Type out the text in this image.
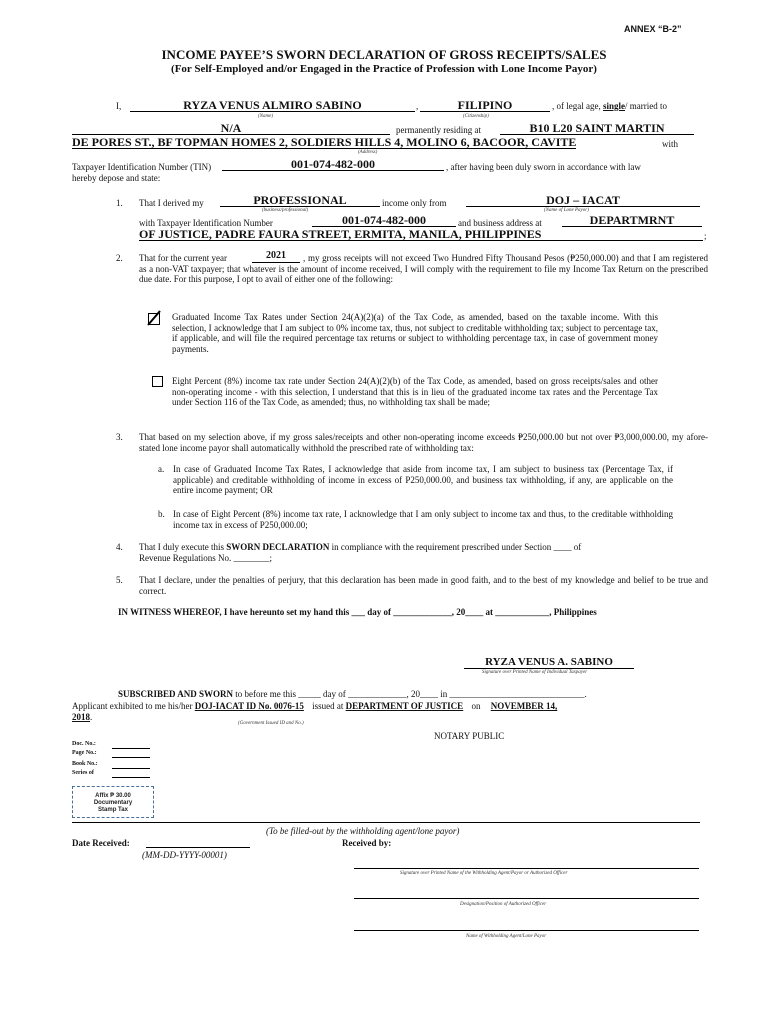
ANNEX “B-2”
INCOME PAYEE’S SWORN DECLARATION OF GROSS RECEIPTS/SALES
(For Self-Employed and/or Engaged in the Practice of Profession with Lone Income Payor)
I,	RYZA VENUS ALMIRO SABINO
(Name)
,	FILIPINO
(Citizenship)
, of legal age, single/ married to
N/A	permanently residing at	B10 L20 SAINT MARTIN
DE PORES ST., BF TOPMAN HOMES 2, SOLDIERS HILLS 4, MOLINO 6, BACOOR, CAVITE	with
(Address)
Taxpayer Identification Number (TIN)	001-074-482-000	, after having been duly sworn in accordance with law
hereby depose and state:
1. That I derived my	PROFESSIONAL
(business/professional)
income only from	DOJ – IACAT
(Name of Lone Payor)
with Taxpayer Identification Number	001-074-482-000	and business address at	DEPARTMRNT
OF JUSTICE, PADRE FAURA STREET, ERMITA, MANILA, PHILIPPINES	;
2. That for the current year	2021	, my gross receipts will not exceed Two Hundred Fifty Thousand Pesos (₱250,000.00) and that I am registered as a non-VAT taxpayer; that whatever is the amount of income received, I will comply with the requirement to file my Income Tax Return on the prescribed due date. For this purpose, I opt to avail of either one of the following:
Graduated Income Tax Rates under Section 24(A)(2)(a) of the Tax Code, as amended, based on the taxable income. With this selection, I acknowledge that I am subject to 0% income tax, thus, not subject to creditable withholding tax; subject to percentage tax, if applicable, and will file the required percentage tax returns or subject to withholding percentage tax, in case of government money payments.
Eight Percent (8%) income tax rate under Section 24(A)(2)(b) of the Tax Code, as amended, based on gross receipts/sales and other non-operating income - with this selection, I understand that this is in lieu of the graduated income tax rates and the Percentage Tax under Section 116 of the Tax Code, as amended; thus, no withholding tax shall be made;
3. That based on my selection above, if my gross sales/receipts and other non-operating income exceeds ₱250,000.00 but not over ₱3,000,000.00, my afore-stated lone income payor shall automatically withhold the prescribed rate of withholding tax:
a. In case of Graduated Income Tax Rates, I acknowledge that aside from income tax, I am subject to business tax (Percentage Tax, if applicable) and creditable withholding of income in excess of P250,000.00, and business tax withholding, if any, are applicable on the entire income payment; OR
b. In case of Eight Percent (8%) income tax rate, I acknowledge that I am only subject to income tax and thus, to the creditable withholding income tax in excess of P250,000.00;
4. That I duly execute this SWORN DECLARATION in compliance with the requirement prescribed under Section ____ of
Revenue Regulations No. ________;
5. That I declare, under the penalties of perjury, that this declaration has been made in good faith, and to the best of my knowledge and belief to be true and correct.
IN WITNESS WHEREOF, I have hereunto set my hand this ___ day of _____________, 20____ at ____________, Philippines
RYZA VENUS A. SABINO
Signature over Printed Name of Individual Taxpayer
SUBSCRIBED AND SWORN to before me this _____ day of _____________, 20____ in ______________________________.
Applicant exhibited to me his/her DOJ-IACAT ID No. 0076-15 issued at DEPARTMENT OF JUSTICE on NOVEMBER 14,
2018.
(Government Issued ID and No.)
NOTARY PUBLIC
Doc. No.:
Page No.:
Book No.:
Series of
Affix ₱ 30.00
Documentary
Stamp Tax
(To be filled-out by the withholding agent/lone payor)
Date Received:
(MM-DD-YYYY-00001)
Received by:
Signature over Printed Name of the Withholding Agent/Payor or Authorized Officer
Designation/Position of Authorized Officer
Name of Withholding Agent/Lone Payor
